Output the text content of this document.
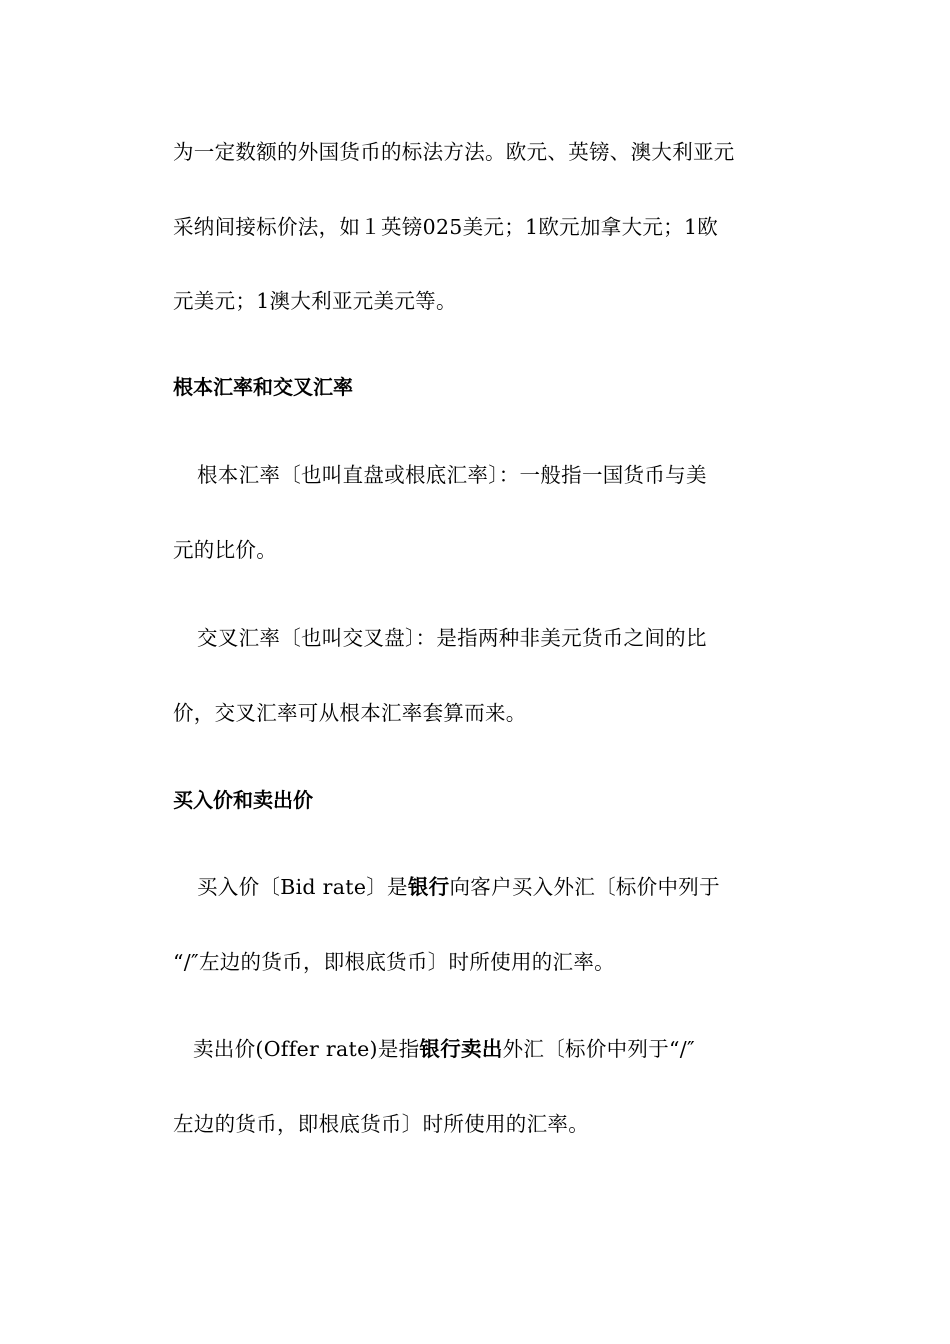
为一定数额的外国货币的标法方法。欧元、英镑、澳大利亚元
采纳间接标价法，如１英镑025美元；1欧元加拿大元；1欧
元美元；1澳大利亚元美元等。
根本汇率和交叉汇率
根本汇率〔也叫直盘或根底汇率〕：一般指一国货币与美
元的比价。
交叉汇率〔也叫交叉盘〕：是指两种非美元货币之间的比
价，交叉汇率可从根本汇率套算而来。
买入价和卖出价
买入价〔Bid rate〕是银行向客户买入外汇〔标价中列于
“/″左边的货币，即根底货币〕时所使用的汇率。
卖出价(Offer rate)是指银行卖出外汇〔标价中列于“/″
左边的货币，即根底货币〕时所使用的汇率。
